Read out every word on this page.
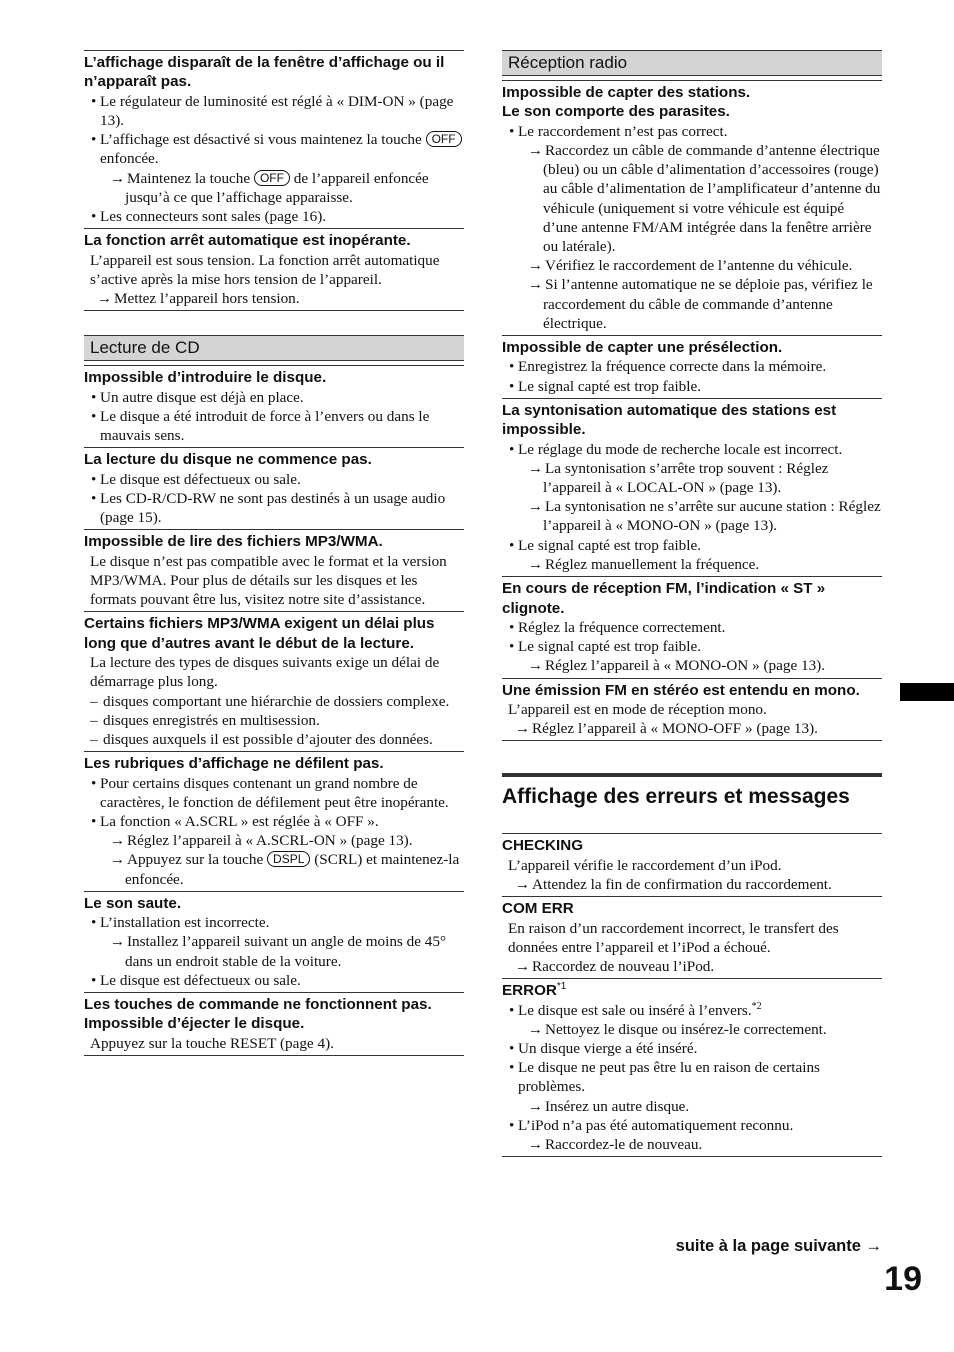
L’affichage disparaît de la fenêtre d’affichage ou il n’apparaît pas.
• Le régulateur de luminosité est réglé à « DIM-ON » (page 13).
• L’affichage est désactivé si vous maintenez la touche OFF enfoncée.
→ Maintenez la touche OFF de l’appareil enfoncée jusqu’à ce que l’affichage apparaisse.
• Les connecteurs sont sales (page 16).
La fonction arrêt automatique est inopérante.
L’appareil est sous tension. La fonction arrêt automatique s’active après la mise hors tension de l’appareil.
→ Mettez l’appareil hors tension.
Lecture de CD
Impossible d’introduire le disque.
• Un autre disque est déjà en place.
• Le disque a été introduit de force à l’envers ou dans le mauvais sens.
La lecture du disque ne commence pas.
• Le disque est défectueux ou sale.
• Les CD-R/CD-RW ne sont pas destinés à un usage audio (page 15).
Impossible de lire des fichiers MP3/WMA.
Le disque n’est pas compatible avec le format et la version MP3/WMA. Pour plus de détails sur les disques et les formats pouvant être lus, visitez notre site d’assistance.
Certains fichiers MP3/WMA exigent un délai plus long que d’autres avant le début de la lecture.
La lecture des types de disques suivants exige un délai de démarrage plus long.
– disques comportant une hiérarchie de dossiers complexe.
– disques enregistrés en multisession.
– disques auxquels il est possible d’ajouter des données.
Les rubriques d’affichage ne défilent pas.
• Pour certains disques contenant un grand nombre de caractères, le fonction de défilement peut être inopérante.
• La fonction « A.SCRL » est réglée à « OFF ».
→ Réglez l’appareil à « A.SCRL-ON » (page 13).
→ Appuyez sur la touche DSPL (SCRL) et maintenez-la enfoncée.
Le son saute.
• L’installation est incorrecte.
→ Installez l’appareil suivant un angle de moins de 45° dans un endroit stable de la voiture.
• Le disque est défectueux ou sale.
Les touches de commande ne fonctionnent pas.
Impossible d’éjecter le disque.
Appuyez sur la touche RESET (page 4).
Réception radio
Impossible de capter des stations.
Le son comporte des parasites.
• Le raccordement n’est pas correct.
→ Raccordez un câble de commande d’antenne électrique (bleu) ou un câble d’alimentation d’accessoires (rouge) au câble d’alimentation de l’amplificateur d’antenne du véhicule (uniquement si votre véhicule est équipé d’une antenne FM/AM intégrée dans la fenêtre arrière ou latérale).
→ Vérifiez le raccordement de l’antenne du véhicule.
→ Si l’antenne automatique ne se déploie pas, vérifiez le raccordement du câble de commande d’antenne électrique.
Impossible de capter une présélection.
• Enregistrez la fréquence correcte dans la mémoire.
• Le signal capté est trop faible.
La syntonisation automatique des stations est impossible.
• Le réglage du mode de recherche locale est incorrect.
→ La syntonisation s’arrête trop souvent : Réglez l’appareil à « LOCAL-ON » (page 13).
→ La syntonisation ne s’arrête sur aucune station : Réglez l’appareil à « MONO-ON » (page 13).
• Le signal capté est trop faible.
→ Réglez manuellement la fréquence.
En cours de réception FM, l’indication « ST » clignote.
• Réglez la fréquence correctement.
• Le signal capté est trop faible.
→ Réglez l’appareil à « MONO-ON » (page 13).
Une émission FM en stéréo est entendu en mono.
L’appareil est en mode de réception mono.
→ Réglez l’appareil à « MONO-OFF » (page 13).
Affichage des erreurs et messages
CHECKING
L’appareil vérifie le raccordement d’un iPod.
→ Attendez la fin de confirmation du raccordement.
COM ERR
En raison d’un raccordement incorrect, le transfert des données entre l’appareil et l’iPod a échoué.
→ Raccordez de nouveau l’iPod.
ERROR$^{*1}$
• Le disque est sale ou inséré à l’envers.$^{*2}$
→ Nettoyez le disque ou insérez-le correctement.
• Un disque vierge a été inséré.
• Le disque ne peut pas être lu en raison de certains problèmes.
→ Insérez un autre disque.
• L’iPod n’a pas été automatiquement reconnu.
→ Raccordez-le de nouveau.
suite à la page suivante →
19
